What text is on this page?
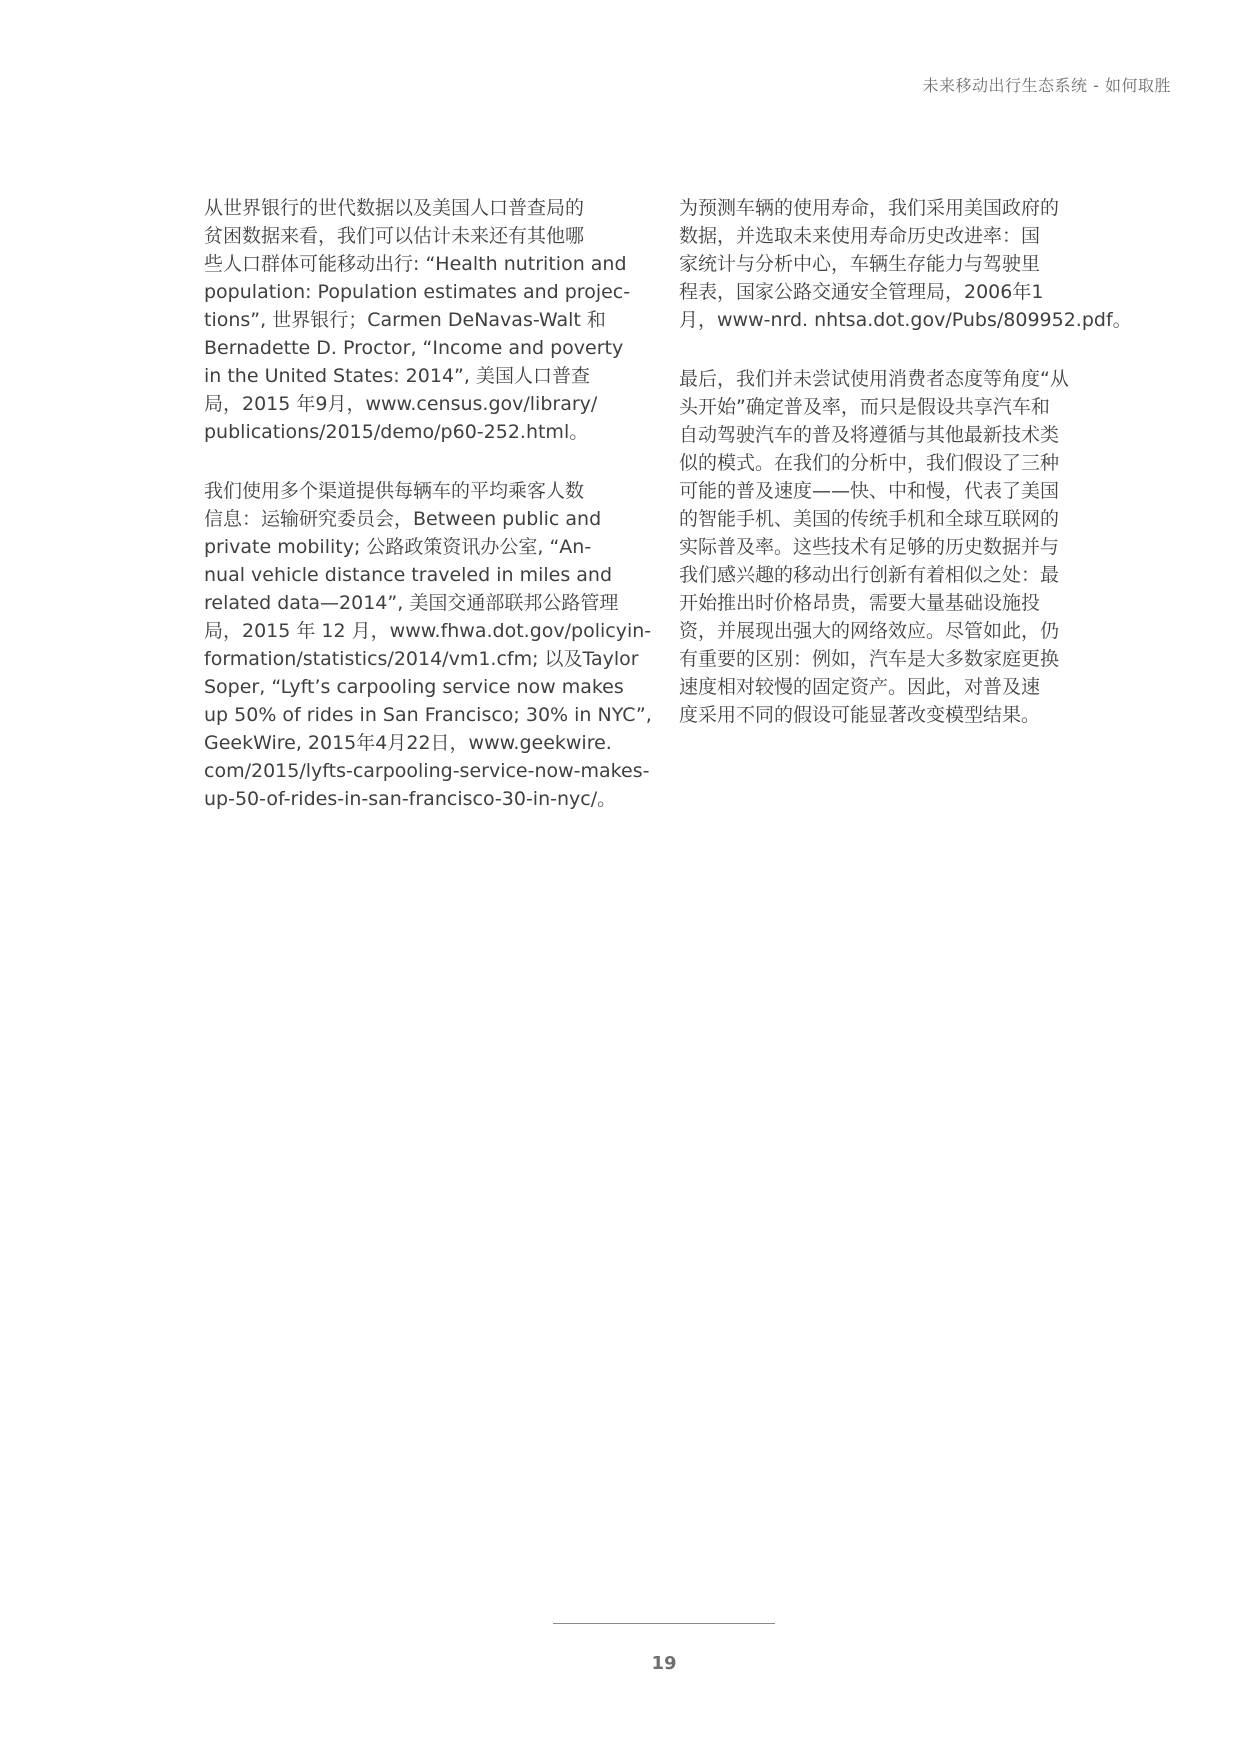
未来移动出行生态系统 - 如何取胜
从世界银行的世代数据以及美国人口普查局的
贫困数据来看，我们可以估计未来还有其他哪
些人口群体可能移动出行: “Health nutrition and
population: Population estimates and projec-
tions”, 世界银行；Carmen DeNavas-Walt 和
Bernadette D. Proctor, “Income and poverty
in the United States: 2014”, 美国人口普查
局，2015 年9月，www.census.gov/library/
publications/2015/demo/p60-252.html。
我们使用多个渠道提供每辆车的平均乘客人数
信息：运输研究委员会，Between public and
private mobility; 公路政策资讯办公室, “An-
nual vehicle distance traveled in miles and
related data—2014”, 美国交通部联邦公路管理
局，2015 年 12 月，www.fhwa.dot.gov/policyin-
formation/statistics/2014/vm1.cfm; 以及Taylor
Soper, “Lyft’s carpooling service now makes
up 50% of rides in San Francisco; 30% in NYC”,
GeekWire, 2015年4月22日，www.geekwire.
com/2015/lyfts-carpooling-service-now-makes-
up-50-of-rides-in-san-francisco-30-in-nyc/。
为预测车辆的使用寿命，我们采用美国政府的
数据，并选取未来使用寿命历史改进率：国
家统计与分析中心，车辆生存能力与驾驶里
程表，国家公路交通安全管理局，2006年1
月，www-nrd. nhtsa.dot.gov/Pubs/809952.pdf。
最后，我们并未尝试使用消费者态度等角度“从
头开始”确定普及率，而只是假设共享汽车和
自动驾驶汽车的普及将遵循与其他最新技术类
似的模式。在我们的分析中，我们假设了三种
可能的普及速度——快、中和慢，代表了美国
的智能手机、美国的传统手机和全球互联网的
实际普及率。这些技术有足够的历史数据并与
我们感兴趣的移动出行创新有着相似之处：最
开始推出时价格昂贵，需要大量基础设施投
资，并展现出强大的网络效应。尽管如此，仍
有重要的区别：例如，汽车是大多数家庭更换
速度相对较慢的固定资产。因此，对普及速
度采用不同的假设可能显著改变模型结果。
19
